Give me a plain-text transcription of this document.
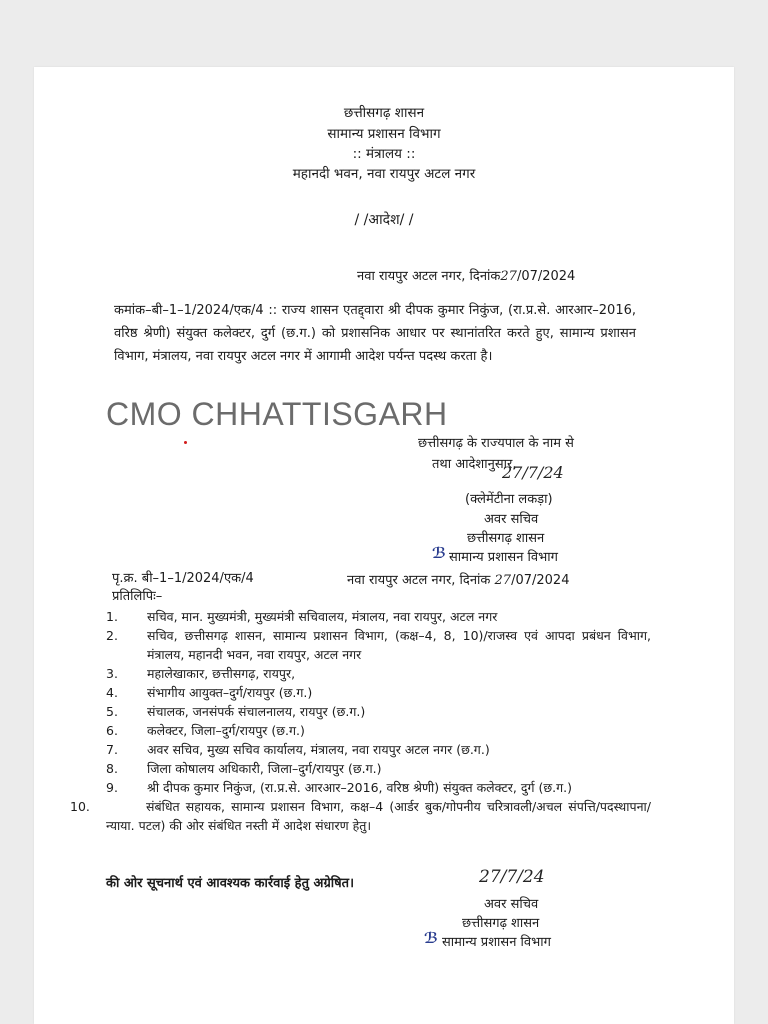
छत्तीसगढ़ शासन
सामान्य प्रशासन विभाग
:: मंत्रालय ::
महानदी भवन, नवा रायपुर अटल नगर
/ /आदेश/ /
नवा रायपुर अटल नगर, दिनांक27/07/2024
कमांक–बी–1–1/2024/एक/4 :: राज्य शासन एतद्द्वारा श्री दीपक कुमार निकुंज, (रा.प्र.से. आरआर–2016, वरिष्ठ श्रेणी) संयुक्त कलेक्टर, दुर्ग (छ.ग.) को प्रशासनिक आधार पर स्थानांतरित करते हुए, सामान्य प्रशासन विभाग, मंत्रालय, नवा रायपुर अटल नगर में आगामी आदेश पर्यन्त पदस्थ करता है।
CMO CHHATTISGARH
छत्तीसगढ़ के राज्यपाल के नाम से
तथा आदेशानुसार,
27/7/24
(क्लेमेंटीना लकड़ा)
अवर सचिव
छत्तीसगढ़ शासन
ℬ सामान्य प्रशासन विभाग
पृ.क्र. बी–1–1/2024/एक/4	नवा रायपुर अटल नगर, दिनांक 27/07/2024
प्रतिलिपिः–
1. सचिव, मान. मुख्यमंत्री, मुख्यमंत्री सचिवालय, मंत्रालय, नवा रायपुर, अटल नगर
2. सचिव, छत्तीसगढ़ शासन, सामान्य प्रशासन विभाग, (कक्ष–4, 8, 10)/राजस्व एवं आपदा प्रबंधन विभाग, मंत्रालय, महानदी भवन, नवा रायपुर, अटल नगर
3. महालेखाकार, छत्तीसगढ़, रायपुर,
4. संभागीय आयुक्त–दुर्ग/रायपुर (छ.ग.)
5. संचालक, जनसंपर्क संचालनालय, रायपुर (छ.ग.)
6. कलेक्टर, जिला–दुर्ग/रायपुर (छ.ग.)
7. अवर सचिव, मुख्य सचिव कार्यालय, मंत्रालय, नवा रायपुर अटल नगर (छ.ग.)
8. जिला कोषालय अधिकारी, जिला–दुर्ग/रायपुर (छ.ग.)
9. श्री दीपक कुमार निकुंज, (रा.प्र.से. आरआर–2016, वरिष्ठ श्रेणी) संयुक्त कलेक्टर, दुर्ग (छ.ग.)
10.	संबंधित सहायक, सामान्य प्रशासन विभाग, कक्ष–4 (आर्डर बुक/गोपनीय चरित्रावली/अचल संपत्ति/पदस्थापना/न्याया. पटल) की ओर संबंधित नस्ती में आदेश संधारण हेतु।
की ओर सूचनार्थ एवं आवश्यक कार्रवाई हेतु अग्रेषित।	27/7/24
अवर सचिव
छत्तीसगढ़ शासन
ℬ सामान्य प्रशासन विभाग
